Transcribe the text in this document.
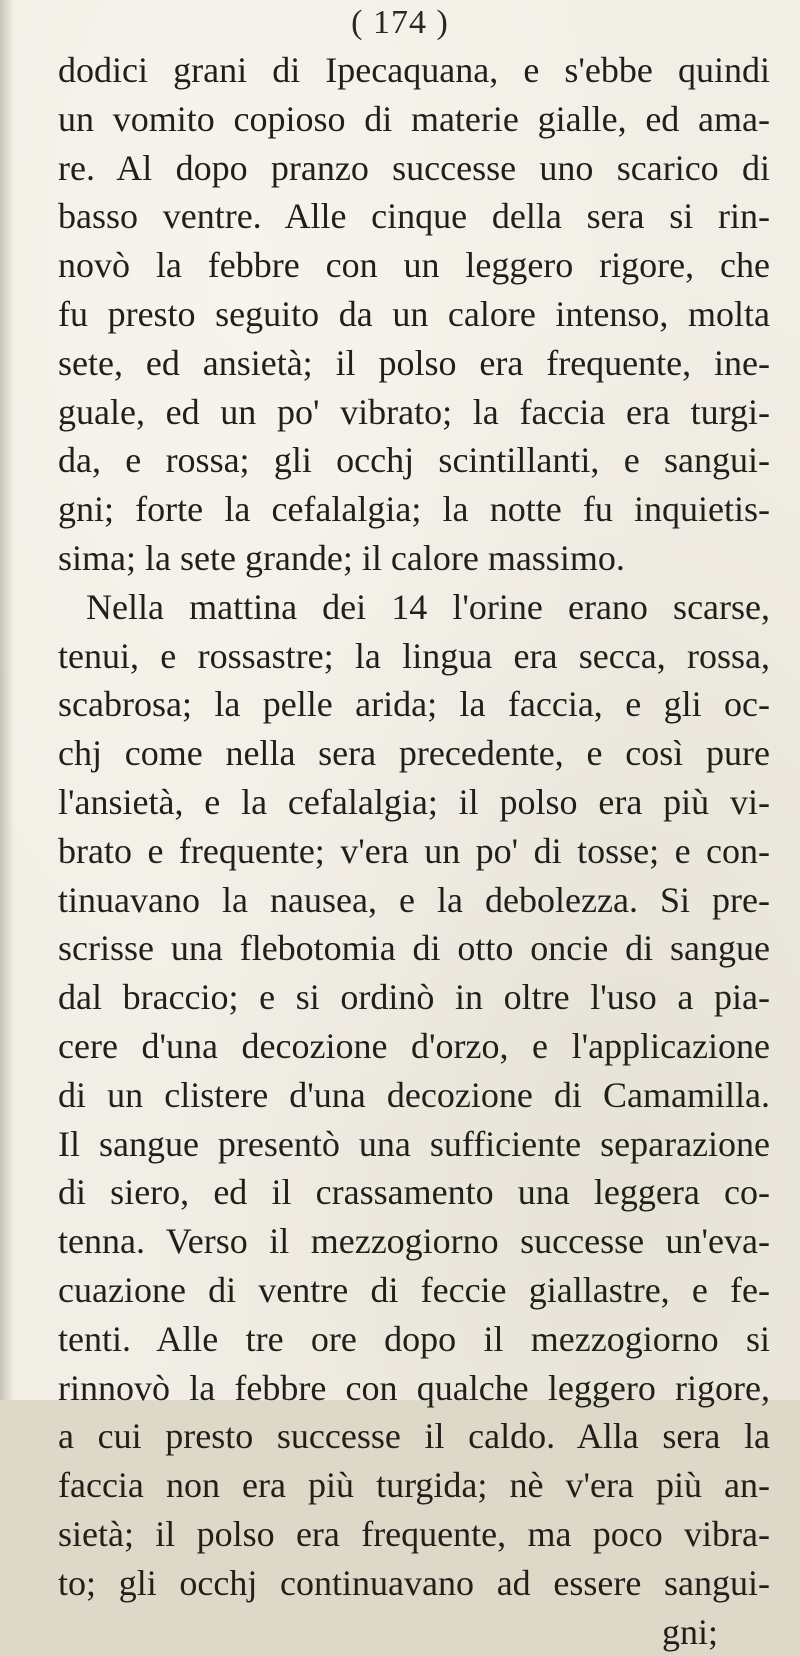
( 174 )
dodici grani di Ipecaquana, e s'ebbe quindi
un vomito copioso di materie gialle, ed ama-
re. Al dopo pranzo successe uno scarico di
basso ventre. Alle cinque della sera si rin-
novò la febbre con un leggero rigore, che
fu presto seguito da un calore intenso, molta
sete, ed ansietà; il polso era frequente, ine-
guale, ed un po' vibrato; la faccia era turgi-
da, e rossa; gli occhj scintillanti, e sangui-
gni; forte la cefalalgia; la notte fu inquietis-
sima; la sete grande; il calore massimo.
Nella mattina dei 14 l'orine erano scarse,
tenui, e rossastre; la lingua era secca, rossa,
scabrosa; la pelle arida; la faccia, e gli oc-
chj come nella sera precedente, e così pure
l'ansietà, e la cefalalgia; il polso era più vi-
brato e frequente; v'era un po' di tosse; e con-
tinuavano la nausea, e la debolezza. Si pre-
scrisse una flebotomia di otto oncie di sangue
dal braccio; e si ordinò in oltre l'uso a pia-
cere d'una decozione d'orzo, e l'applicazione
di un clistere d'una decozione di Camamilla.
Il sangue presentò una sufficiente separazione
di siero, ed il crassamento una leggera co-
tenna. Verso il mezzogiorno successe un'eva-
cuazione di ventre di feccie giallastre, e fe-
tenti. Alle tre ore dopo il mezzogiorno si
rinnovò la febbre con qualche leggero rigore,
a cui presto successe il caldo. Alla sera la
faccia non era più turgida; nè v'era più an-
sietà; il polso era frequente, ma poco vibra-
to; gli occhj continuavano ad essere sangui-
gni;
